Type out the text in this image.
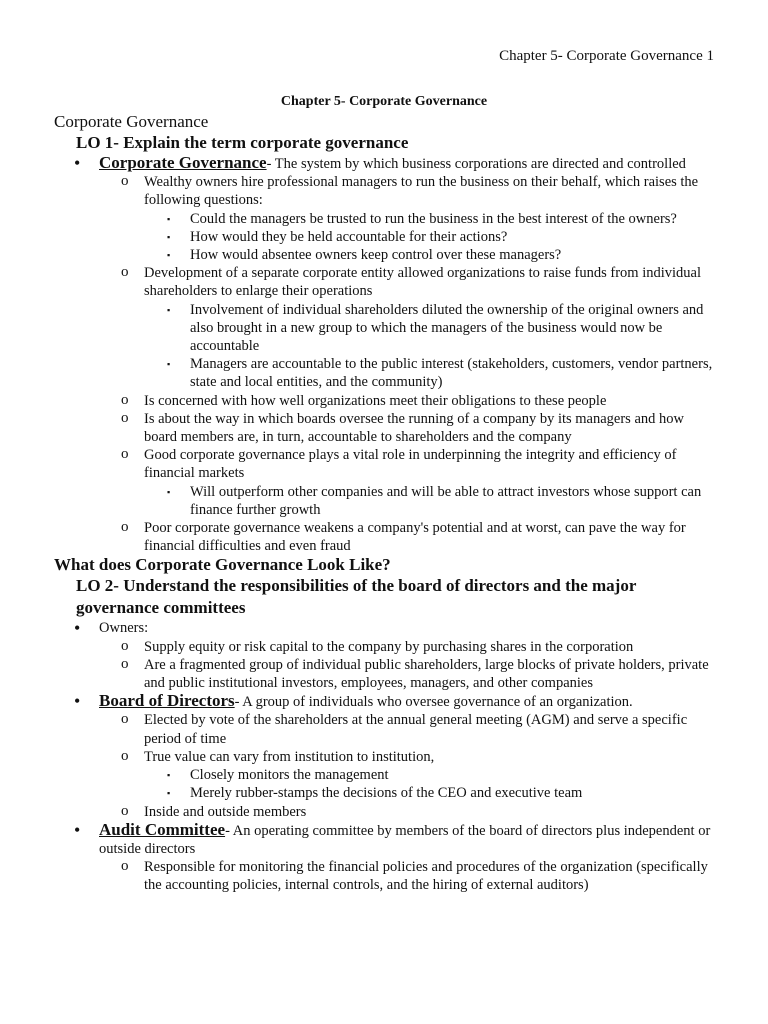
Chapter 5- Corporate Governance 1
Chapter 5- Corporate Governance
Corporate Governance
LO 1- Explain the term corporate governance
• Corporate Governance- The system by which business corporations are directed and controlled
o Wealthy owners hire professional managers to run the business on their behalf, which raises the following questions:
▪ Could the managers be trusted to run the business in the best interest of the owners?
▪ How would they be held accountable for their actions?
▪ How would absentee owners keep control over these managers?
o Development of a separate corporate entity allowed organizations to raise funds from individual shareholders to enlarge their operations
▪ Involvement of individual shareholders diluted the ownership of the original owners and also brought in a new group to which the managers of the business would now be accountable
▪ Managers are accountable to the public interest (stakeholders, customers, vendor partners, state and local entities, and the community)
o Is concerned with how well organizations meet their obligations to these people
o Is about the way in which boards oversee the running of a company by its managers and how board members are, in turn, accountable to shareholders and the company
o Good corporate governance plays a vital role in underpinning the integrity and efficiency of financial markets
▪ Will outperform other companies and will be able to attract investors whose support can finance further growth
o Poor corporate governance weakens a company's potential and at worst, can pave the way for financial difficulties and even fraud
What does Corporate Governance Look Like?
LO 2- Understand the responsibilities of the board of directors and the major governance committees
• Owners:
o Supply equity or risk capital to the company by purchasing shares in the corporation
o Are a fragmented group of individual public shareholders, large blocks of private holders, private and public institutional investors, employees, managers, and other companies
• Board of Directors- A group of individuals who oversee governance of an organization.
o Elected by vote of the shareholders at the annual general meeting (AGM) and serve a specific period of time
o True value can vary from institution to institution,
▪ Closely monitors the management
▪ Merely rubber-stamps the decisions of the CEO and executive team
o Inside and outside members
• Audit Committee- An operating committee by members of the board of directors plus independent or outside directors
o Responsible for monitoring the financial policies and procedures of the organization (specifically the accounting policies, internal controls, and the hiring of external auditors)
